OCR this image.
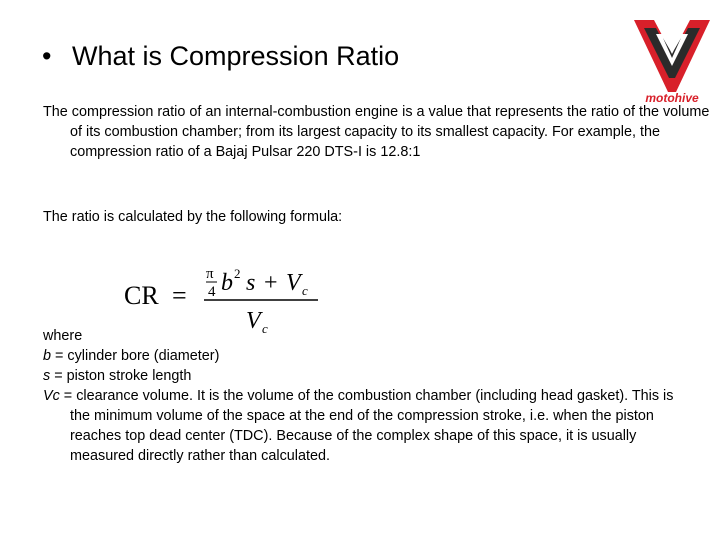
• What is Compression Ratio
motohive
The compression ratio of an internal-combustion engine is a value that represents the ratio of the volume of its combustion chamber; from its largest capacity to its smallest capacity. For example, the compression ratio of a Bajaj Pulsar 220 DTS-I is 12.8:1
The ratio is calculated by the following formula:
CR =
π
4 b 2 s + V c
V c
where
b = cylinder bore (diameter)
s = piston stroke length
Vc = clearance volume. It is the volume of the combustion chamber (including head gasket). This is the minimum volume of the space at the end of the compression stroke, i.e. when the piston reaches top dead center (TDC). Because of the complex shape of this space, it is usually measured directly rather than calculated.
